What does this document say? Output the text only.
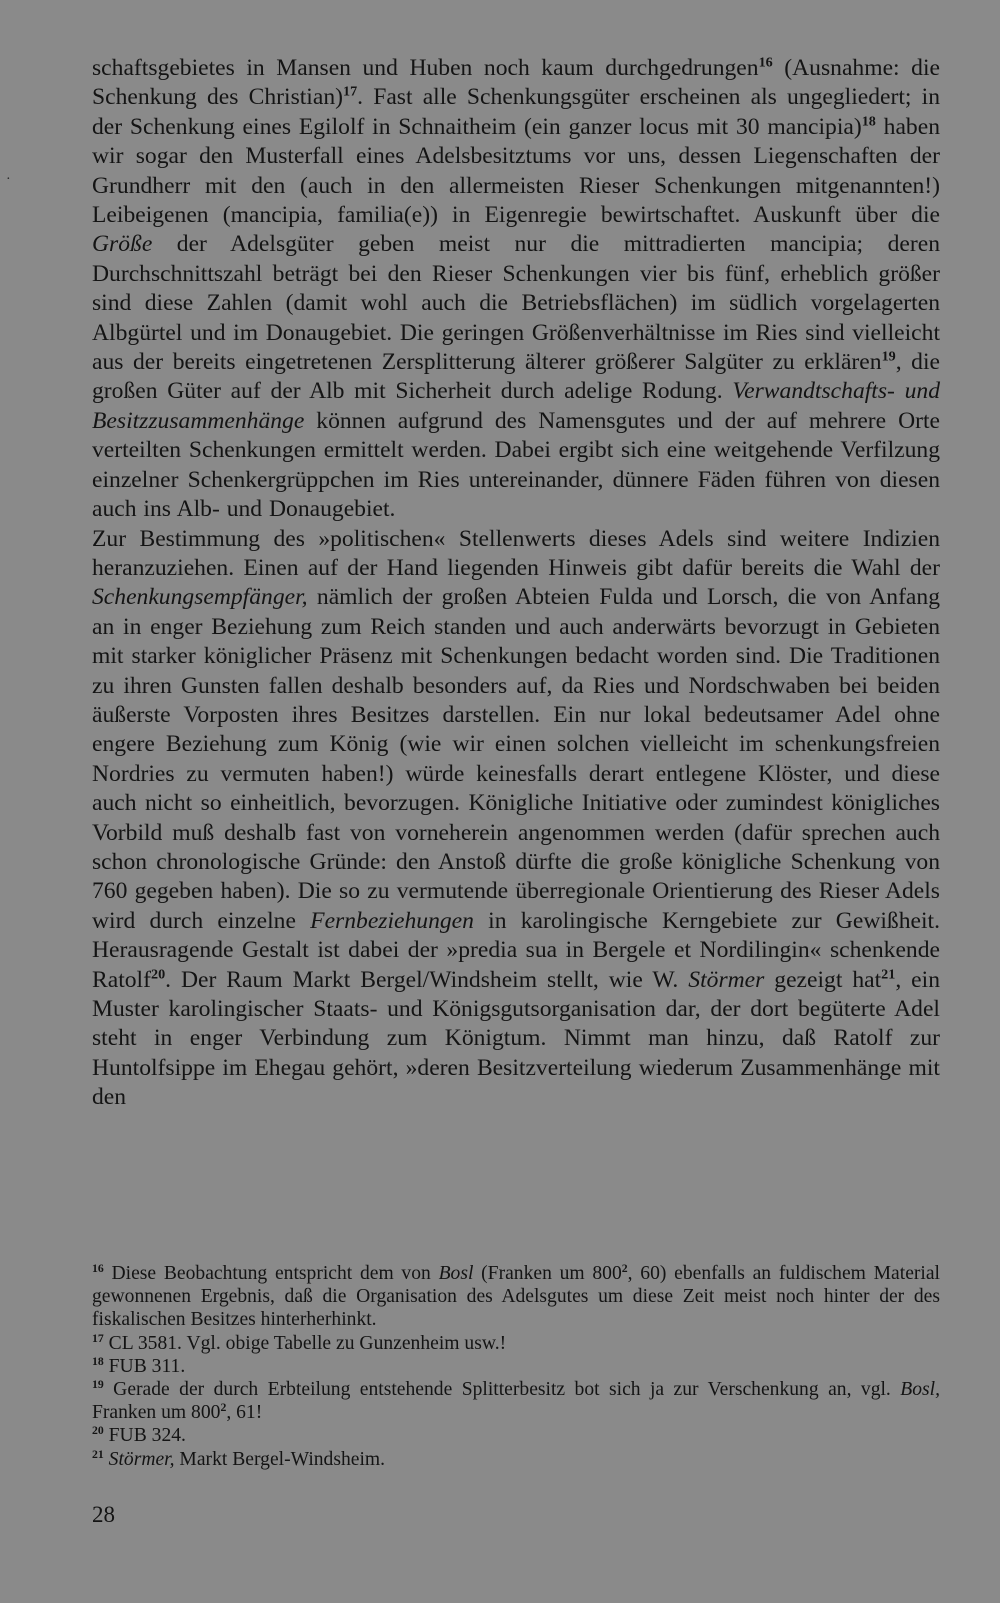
·

schaftsgebietes in Mansen und Huben noch kaum durchgedrungen$^{16}$ (Ausnahme: die Schenkung des Christian)$^{17}$. Fast alle Schenkungsgüter erscheinen als ungegliedert; in der Schenkung eines Egilolf in Schnaitheim (ein ganzer locus mit 30 mancipia)$^{18}$ haben wir sogar den Musterfall eines Adelsbesitztums vor uns, dessen Liegenschaften der Grundherr mit den (auch in den allermeisten Rieser Schenkungen mitgenannten!) Leibeigenen (mancipia, familia(e)) in Eigenregie bewirtschaftet. Auskunft über die Größe der Adelsgüter geben meist nur die mittradierten mancipia; deren Durchschnittszahl beträgt bei den Rieser Schenkungen vier bis fünf, erheblich größer sind diese Zahlen (damit wohl auch die Betriebsflächen) im südlich vorgelagerten Albgürtel und im Donaugebiet. Die geringen Größenverhältnisse im Ries sind vielleicht aus der bereits eingetretenen Zersplitterung älterer größerer Salgüter zu erklären$^{19}$, die großen Güter auf der Alb mit Sicherheit durch adelige Rodung. Verwandtschafts- und Besitzzusammenhänge können aufgrund des Namensgutes und der auf mehrere Orte verteilten Schenkungen ermittelt werden. Dabei ergibt sich eine weitgehende Verfilzung einzelner Schenkergrüppchen im Ries untereinander, dünnere Fäden führen von diesen auch ins Alb- und Donaugebiet.

Zur Bestimmung des »politischen« Stellenwerts dieses Adels sind weitere Indizien heranzuziehen. Einen auf der Hand liegenden Hinweis gibt dafür bereits die Wahl der Schenkungsempfänger, nämlich der großen Abteien Fulda und Lorsch, die von Anfang an in enger Beziehung zum Reich standen und auch anderwärts bevorzugt in Gebieten mit starker königlicher Präsenz mit Schenkungen bedacht worden sind. Die Traditionen zu ihren Gunsten fallen deshalb besonders auf, da Ries und Nordschwaben bei beiden äußerste Vorposten ihres Besitzes darstellen. Ein nur lokal bedeutsamer Adel ohne engere Beziehung zum König (wie wir einen solchen vielleicht im schenkungsfreien Nordries zu vermuten haben!) würde keinesfalls derart entlegene Klöster, und diese auch nicht so einheitlich, bevorzugen. Königliche Initiative oder zumindest königliches Vorbild muß deshalb fast von vorneherein angenommen werden (dafür sprechen auch schon chronologische Gründe: den Anstoß dürfte die große königliche Schenkung von 760 gegeben haben). Die so zu vermutende überregionale Orientierung des Rieser Adels wird durch einzelne Fernbeziehungen in karolingische Kerngebiete zur Gewißheit. Herausragende Gestalt ist dabei der »predia sua in Bergele et Nordilingin« schenkende Ratolf$^{20}$. Der Raum Markt Bergel/Windsheim stellt, wie W. Störmer gezeigt hat$^{21}$, ein Muster karolingischer Staats- und Königsgutsorganisation dar, der dort begüterte Adel steht in enger Verbindung zum Königtum. Nimmt man hinzu, daß Ratolf zur Huntolfsippe im Ehegau gehört, »deren Besitzverteilung wiederum Zusammenhänge mit den

$^{16}$ Diese Beobachtung entspricht dem von Bosl (Franken um $800^2$, 60) ebenfalls an fuldischem Material gewonnenen Ergebnis, daß die Organisation des Adelsgutes um diese Zeit meist noch hinter der des fiskalischen Besitzes hinterherhinkt.

$^{17}$ CL 3581. Vgl. obige Tabelle zu Gunzenheim usw.!

$^{18}$ FUB 311.

$^{19}$ Gerade der durch Erbteilung entstehende Splitterbesitz bot sich ja zur Verschenkung an, vgl. Bosl, Franken um $800^2$, 61!

$^{20}$ FUB 324.

$^{21}$ Störmer, Markt Bergel-Windsheim.

28
